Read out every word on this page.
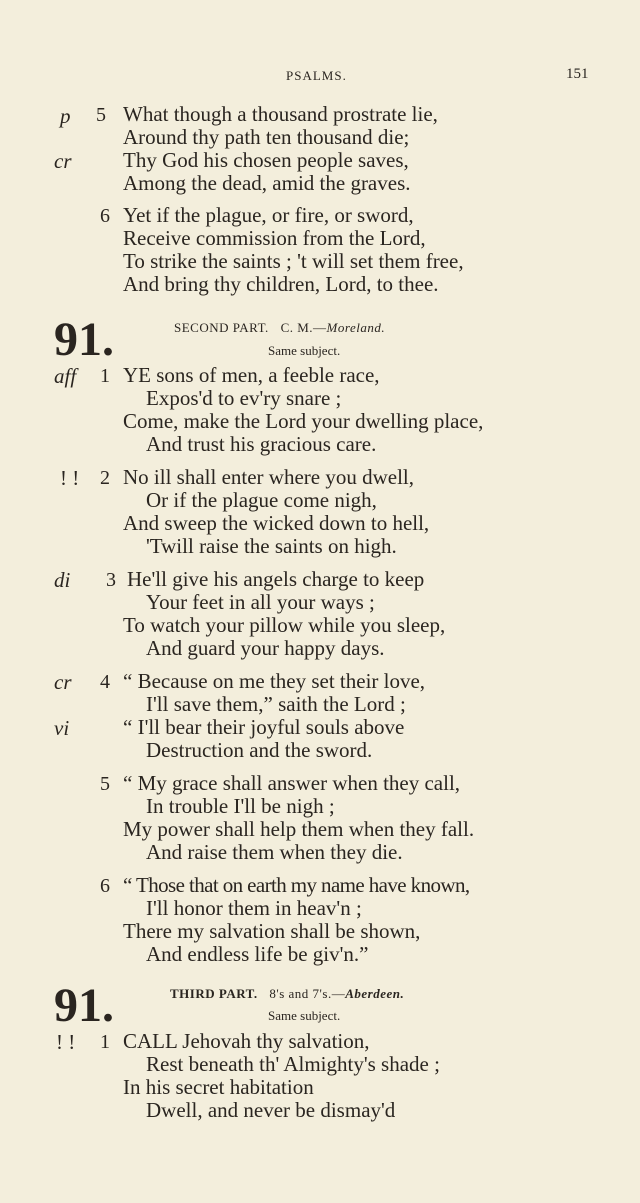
PSALMS.	151
p 5 What though a thousand prostrate lie,
Around thy path ten thousand die;
cr Thy God his chosen people saves,
Among the dead, amid the graves.
6 Yet if the plague, or fire, or sword,
Receive commission from the Lord,
To strike the saints ; 't will set them free,
And bring thy children, Lord, to thee.
91.	SECOND PART. C. M.—Moreland.
Same subject.
aff 1 YE sons of men, a feeble race,
Expos'd to ev'ry snare ;
Come, make the Lord your dwelling place,
And trust his gracious care.
! ! 2 No ill shall enter where you dwell,
Or if the plague come nigh,
And sweep the wicked down to hell,
'Twill raise the saints on high.
di 3 He'll give his angels charge to keep
Your feet in all your ways ;
To watch your pillow while you sleep,
And guard your happy days.
cr 4 “ Because on me they set their love,
I'll save them,” saith the Lord ;
vi	“ I'll bear their joyful souls above
Destruction and the sword.
5 “ My grace shall answer when they call,
In trouble I'll be nigh ;
My power shall help them when they fall.
And raise them when they die.
6 “ Those that on earth my name have known,
I'll honor them in heav'n ;
There my salvation shall be shown,
And endless life be giv'n.”
91.	THIRD PART. 8's and 7's.—Aberdeen.
Same subject.
! ! 1 CALL Jehovah thy salvation,
Rest beneath th' Almighty's shade ;
In his secret habitation
Dwell, and never be dismay'd
